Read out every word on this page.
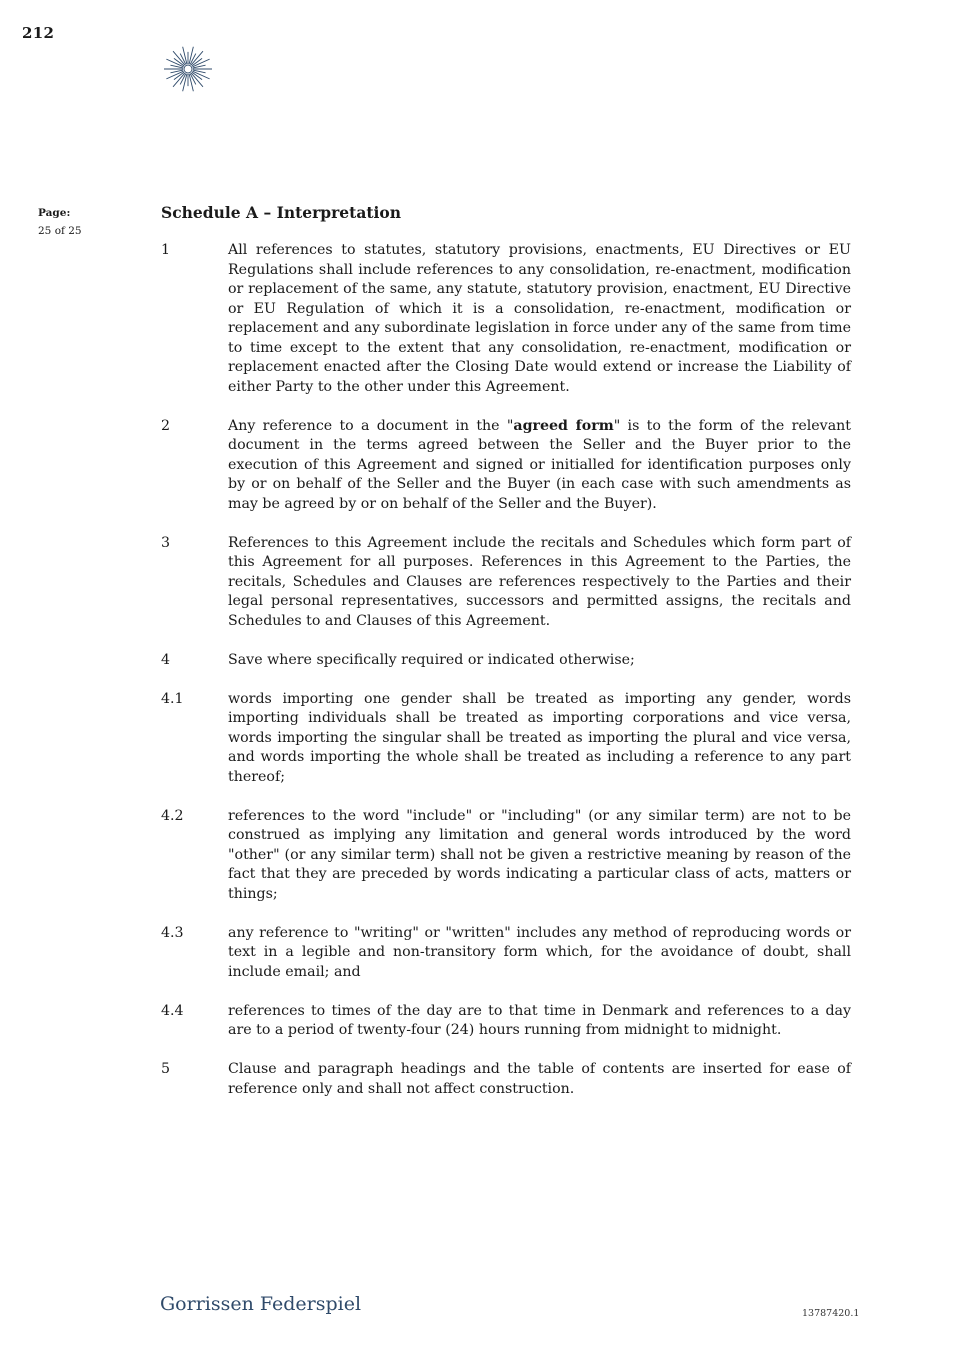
212
Page:
25 of 25
Schedule A – Interpretation
1	All references to statutes, statutory provisions, enactments, EU Directives or EU Regulations shall include references to any consolidation, re-enactment, modification or replacement of the same, any statute, statutory provision, enactment, EU Directive or EU Regulation of which it is a consolidation, re-enactment, modification or replacement and any subordinate legislation in force under any of the same from time to time except to the extent that any consolidation, re-enactment, modification or replacement enacted after the Closing Date would extend or increase the Liability of either Party to the other under this Agreement.
2	Any reference to a document in the "agreed form" is to the form of the relevant document in the terms agreed between the Seller and the Buyer prior to the execution of this Agreement and signed or initialled for identification purposes only by or on behalf of the Seller and the Buyer (in each case with such amendments as may be agreed by or on behalf of the Seller and the Buyer).
3	References to this Agreement include the recitals and Schedules which form part of this Agreement for all purposes. References in this Agreement to the Parties, the recitals, Schedules and Clauses are references respectively to the Parties and their legal personal representatives, successors and permitted assigns, the recitals and Schedules to and Clauses of this Agreement.
4	Save where specifically required or indicated otherwise;
4.1	words importing one gender shall be treated as importing any gender, words importing individuals shall be treated as importing corporations and vice versa, words importing the singular shall be treated as importing the plural and vice versa, and words importing the whole shall be treated as including a reference to any part thereof;
4.2	references to the word "include" or "including" (or any similar term) are not to be construed as implying any limitation and general words introduced by the word "other" (or any similar term) shall not be given a restrictive meaning by reason of the fact that they are preceded by words indicating a particular class of acts, matters or things;
4.3	any reference to "writing" or "written" includes any method of reproducing words or text in a legible and non-transitory form which, for the avoidance of doubt, shall include email; and
4.4	references to times of the day are to that time in Denmark and references to a day are to a period of twenty-four (24) hours running from midnight to midnight.
5	Clause and paragraph headings and the table of contents are inserted for ease of reference only and shall not affect construction.
Gorrissen Federspiel	13787420.1
